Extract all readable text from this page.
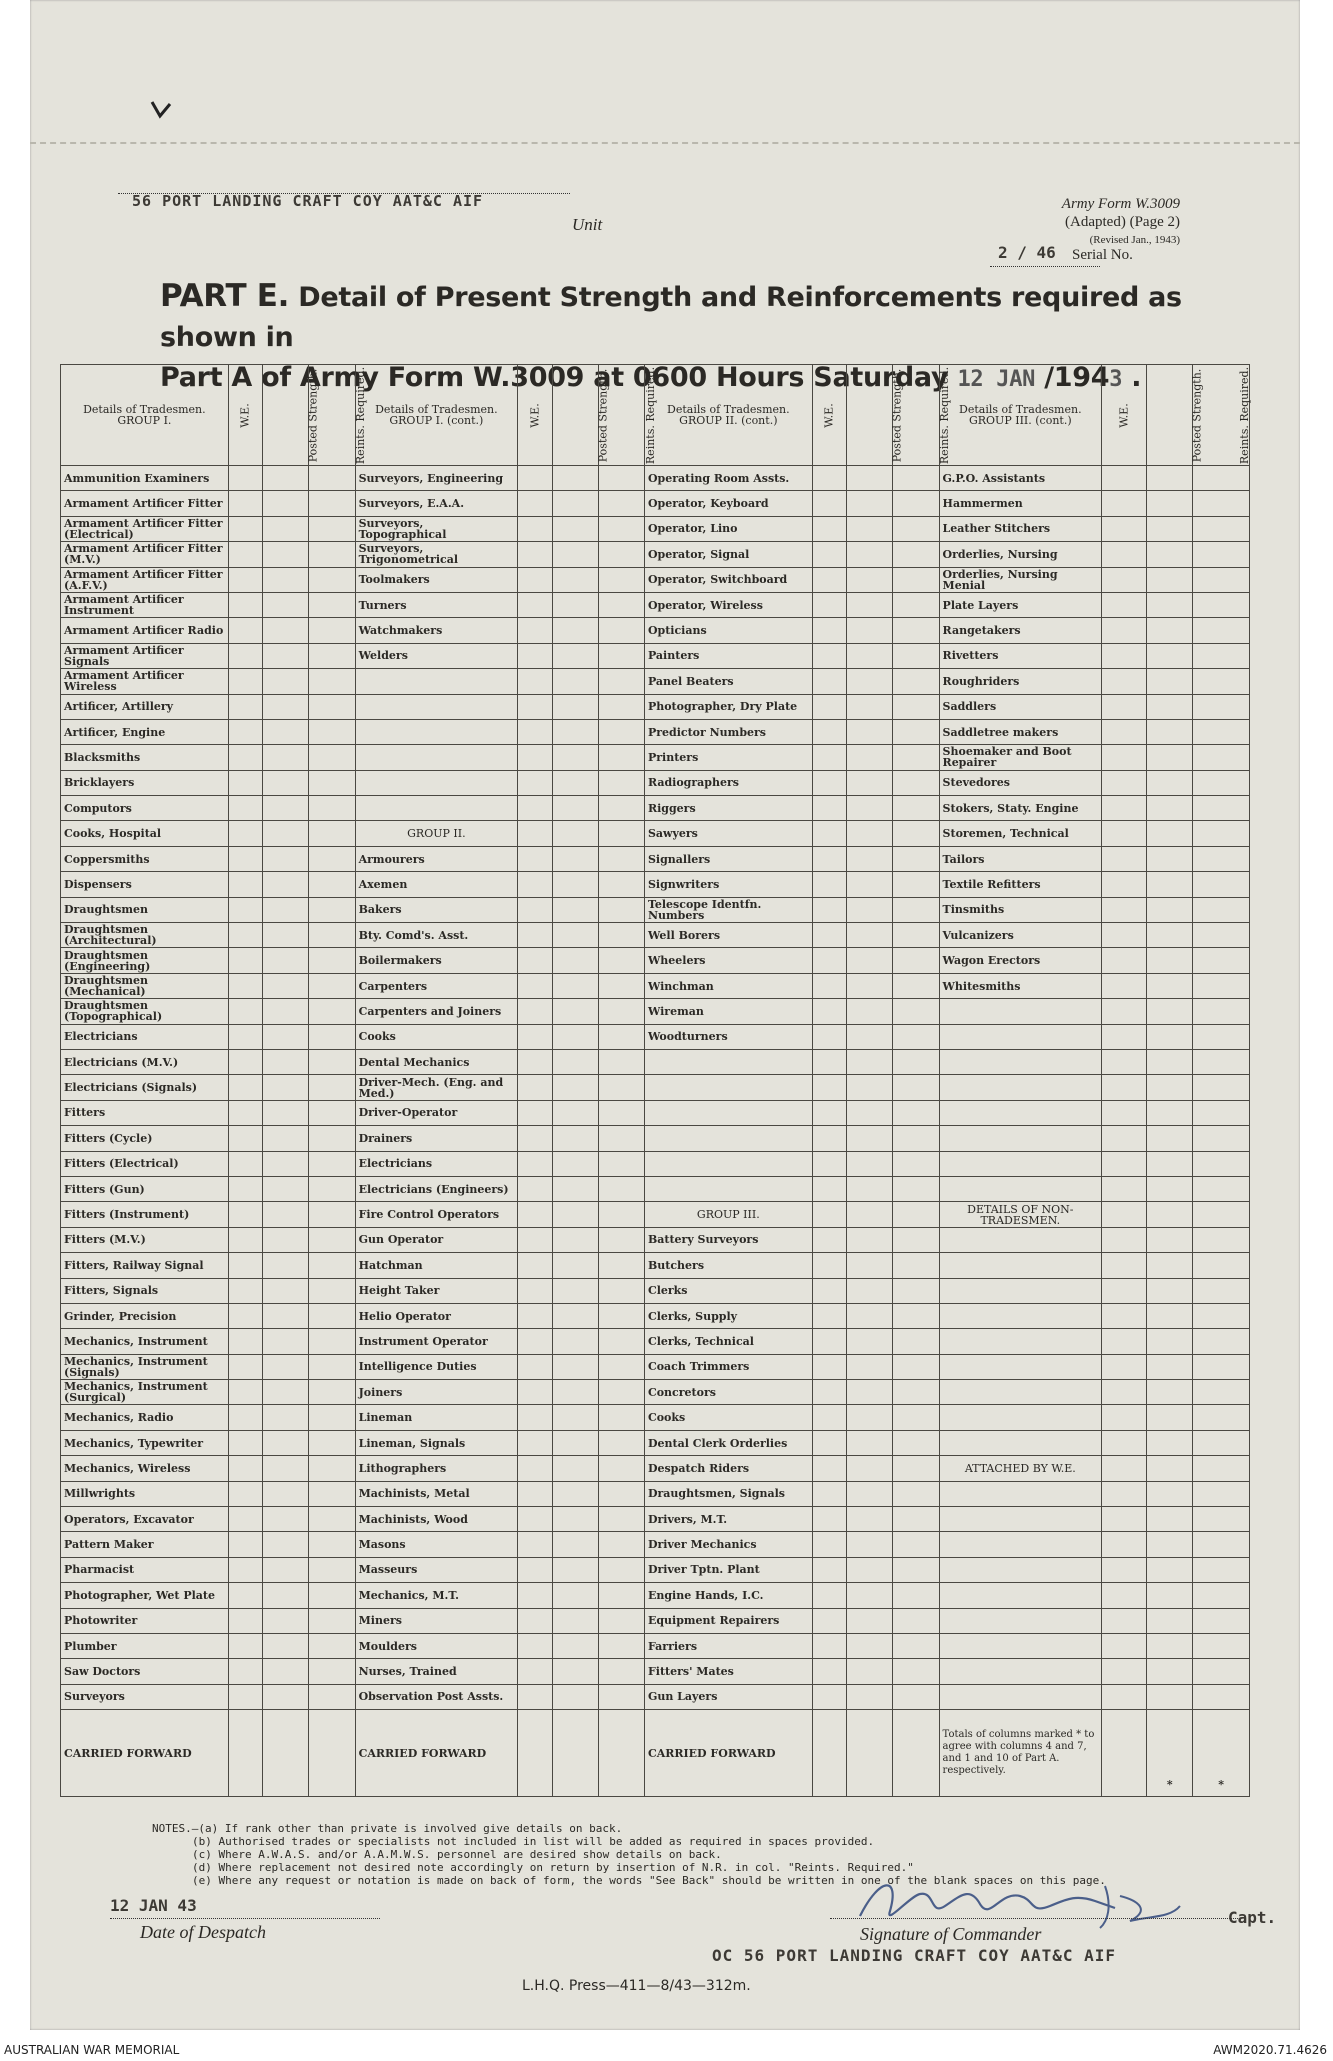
56 PORT LANDING CRAFT COY AAT&C AIF
Unit
Army Form W.3009
(Adapted) (Page 2)
(Revised Jan., 1943)
2 / 46 Serial No.
PART E. Detail of Present Strength and Reinforcements required as shown in
Part A of Army Form W.3009 at 0600 Hours Saturday 12 JAN /1943 .
Details of Tradesmen. GROUP I.	W.E.	Posted Strength.	Reints. Required.	Details of Tradesmen. GROUP I. (cont.)	W.E.	Posted Strength.	Reints. Required.	Details of Tradesmen. GROUP II. (cont.)	W.E.	Posted Strength.	Reints. Required.	Details of Tradesmen. GROUP III. (cont.)	W.E.	Posted Strength.	Reints. Required.
Ammunition Examiners				Surveyors, Engineering				Operating Room Assts.				G.P.O. Assistants			
Armament Artificer Fitter				Surveyors, E.A.A.				Operator, Keyboard				Hammermen			
Armament Artificer Fitter (Electrical)				Surveyors, Topographical				Operator, Lino				Leather Stitchers			
Armament Artificer Fitter (M.V.)				Surveyors, Trigonometrical				Operator, Signal				Orderlies, Nursing			
Armament Artificer Fitter (A.F.V.)				Toolmakers				Operator, Switchboard				Orderlies, Nursing Menial			
Armament Artificer Instrument				Turners				Operator, Wireless				Plate Layers			
Armament Artificer Radio				Watchmakers				Opticians				Rangetakers			
Armament Artificer Signals				Welders				Painters				Rivetters			
Armament Artificer Wireless								Panel Beaters				Roughriders			
Artificer, Artillery								Photographer, Dry Plate				Saddlers			
Artificer, Engine								Predictor Numbers				Saddletree makers			
Blacksmiths								Printers				Shoemaker and Boot Repairer			
Bricklayers								Radiographers				Stevedores			
Computors								Riggers				Stokers, Staty. Engine			
Cooks, Hospital				GROUP II.				Sawyers				Storemen, Technical			
Coppersmiths				Armourers				Signallers				Tailors			
Dispensers				Axemen				Signwriters				Textile Refitters			
Draughtsmen				Bakers				Telescope Identfn. Numbers				Tinsmiths			
Draughtsmen (Architectural)				Bty. Comd's. Asst.				Well Borers				Vulcanizers			
Draughtsmen (Engineering)				Boilermakers				Wheelers				Wagon Erectors			
Draughtsmen (Mechanical)				Carpenters				Winchman				Whitesmiths			
Draughtsmen (Topographical)				Carpenters and Joiners				Wireman							
Electricians				Cooks				Woodturners							
Electricians (M.V.)				Dental Mechanics											
Electricians (Signals)				Driver-Mech. (Eng. and Med.)											
Fitters				Driver-Operator											
Fitters (Cycle)				Drainers											
Fitters (Electrical)				Electricians											
Fitters (Gun)				Electricians (Engineers)											
Fitters (Instrument)				Fire Control Operators				GROUP III.				DETAILS OF NON-TRADESMEN.			
Fitters (M.V.)				Gun Operator				Battery Surveyors							
Fitters, Railway Signal				Hatchman				Butchers							
Fitters, Signals				Height Taker				Clerks							
Grinder, Precision				Helio Operator				Clerks, Supply							
Mechanics, Instrument				Instrument Operator				Clerks, Technical							
Mechanics, Instrument (Signals)				Intelligence Duties				Coach Trimmers							
Mechanics, Instrument (Surgical)				Joiners				Concretors							
Mechanics, Radio				Lineman				Cooks							
Mechanics, Typewriter				Lineman, Signals				Dental Clerk Orderlies							
Mechanics, Wireless				Lithographers				Despatch Riders				ATTACHED BY W.E.			
Millwrights				Machinists, Metal				Draughtsmen, Signals							
Operators, Excavator				Machinists, Wood				Drivers, M.T.							
Pattern Maker				Masons				Driver Mechanics							
Pharmacist				Masseurs				Driver Tptn. Plant							
Photographer, Wet Plate				Mechanics, M.T.				Engine Hands, I.C.							
Photowriter				Miners				Equipment Repairers							
Plumber				Moulders				Farriers							
Saw Doctors				Nurses, Trained				Fitters' Mates							
Surveyors				Observation Post Assts.				Gun Layers							
CARRIED FORWARD				CARRIED FORWARD				CARRIED FORWARD				Totals of columns marked * to agree with columns 4 and 7, and 1 and 10 of Part A. respectively.		*	*
NOTES.—(a) If rank other than private is involved give details on back.
(b) Authorised trades or specialists not included in list will be added as required in spaces provided.
(c) Where A.W.A.S. and/or A.A.M.W.S. personnel are desired show details on back.
(d) Where replacement not desired note accordingly on return by insertion of N.R. in col. "Reints. Required."
(e) Where any request or notation is made on back of form, the words "See Back" should be written in one of the blank spaces on this page.
12 JAN 43
Date of Despatch
Capt.
Signature of Commander
OC 56 PORT LANDING CRAFT COY AAT&C AIF
L.H.Q. Press—411—8/43—312m.
AUSTRALIAN WAR MEMORIAL	AWM2020.71.4626
